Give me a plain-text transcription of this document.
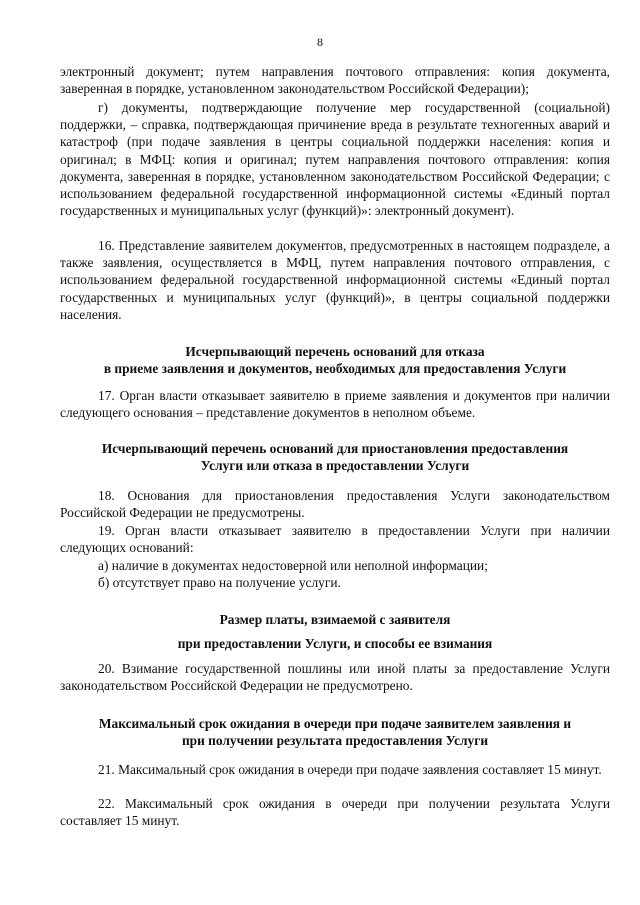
8

электронный документ; путем направления почтового отправления: копия документа, заверенная в порядке, установленном законодательством Российской Федерации);

г) документы, подтверждающие получение мер государственной (социальной) поддержки, – справка, подтверждающая причинение вреда в результате техногенных аварий и катастроф (при подаче заявления в центры социальной поддержки населения: копия и оригинал; в МФЦ: копия и оригинал; путем направления почтового отправления: копия документа, заверенная в порядке, установленном законодательством Российской Федерации; с использованием федеральной государственной информационной системы «Единый портал государственных и муниципальных услуг (функций)»: электронный документ).

16. Представление заявителем документов, предусмотренных в настоящем подразделе, а также заявления, осуществляется в МФЦ, путем направления почтового отправления, с использованием федеральной государственной информационной системы «Единый портал государственных и муниципальных услуг (функций)», в центры социальной поддержки населения.

Исчерпывающий перечень оснований для отказа
в приеме заявления и документов, необходимых для предоставления Услуги

17. Орган власти отказывает заявителю в приеме заявления и документов при наличии следующего основания – представление документов в неполном объеме.

Исчерпывающий перечень оснований для приостановления предоставления
Услуги или отказа в предоставлении Услуги

18. Основания для приостановления предоставления Услуги законодательством Российской Федерации не предусмотрены.

19. Орган власти отказывает заявителю в предоставлении Услуги при наличии следующих оснований:

а) наличие в документах недостоверной или неполной информации;

б) отсутствует право на получение услуги.

Размер платы, взимаемой с заявителя
при предоставлении Услуги, и способы ее взимания

20. Взимание государственной пошлины или иной платы за предоставление Услуги законодательством Российской Федерации не предусмотрено.

Максимальный срок ожидания в очереди при подаче заявителем заявления и
при получении результата предоставления Услуги

21. Максимальный срок ожидания в очереди при подаче заявления составляет 15 минут.

22. Максимальный срок ожидания в очереди при получении результата Услуги составляет 15 минут.
